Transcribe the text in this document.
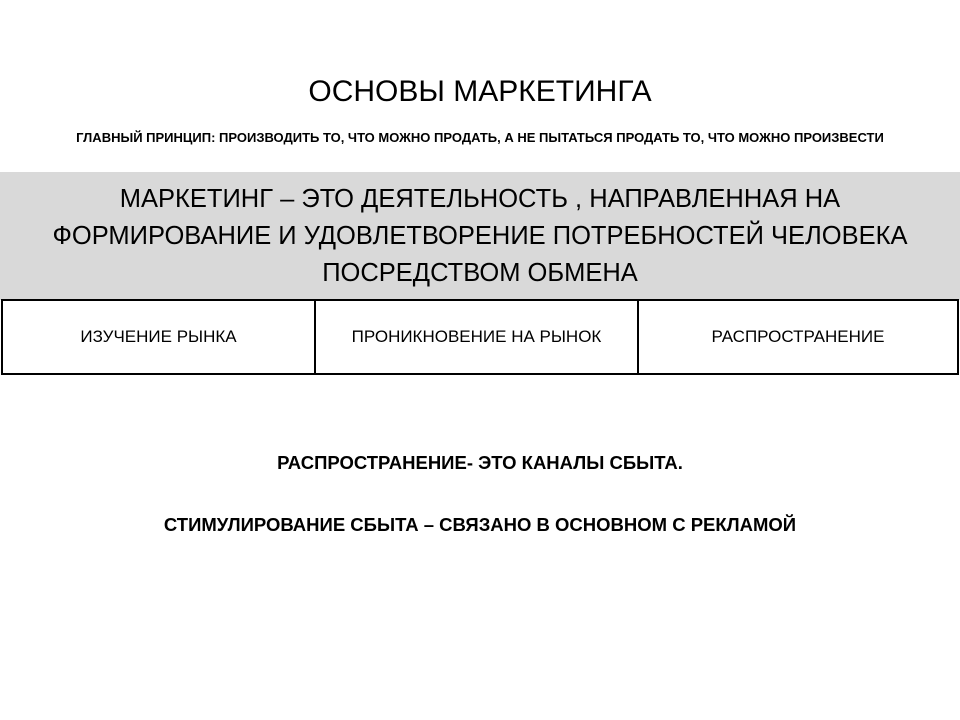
ОСНОВЫ МАРКЕТИНГА
ГЛАВНЫЙ ПРИНЦИП: ПРОИЗВОДИТЬ ТО, ЧТО МОЖНО ПРОДАТЬ, А НЕ ПЫТАТЬСЯ ПРОДАТЬ ТО, ЧТО МОЖНО ПРОИЗВЕСТИ
МАРКЕТИНГ – ЭТО ДЕЯТЕЛЬНОСТЬ , НАПРАВЛЕННАЯ НА ФОРМИРОВАНИЕ И УДОВЛЕТВОРЕНИЕ ПОТРЕБНОСТЕЙ ЧЕЛОВЕКА ПОСРЕДСТВОМ ОБМЕНА
ИЗУЧЕНИЕ РЫНКА	ПРОНИКНОВЕНИЕ НА РЫНОК	РАСПРОСТРАНЕНИЕ
РАСПРОСТРАНЕНИЕ- ЭТО КАНАЛЫ СБЫТА.
СТИМУЛИРОВАНИЕ СБЫТА – СВЯЗАНО В ОСНОВНОМ С РЕКЛАМОЙ
